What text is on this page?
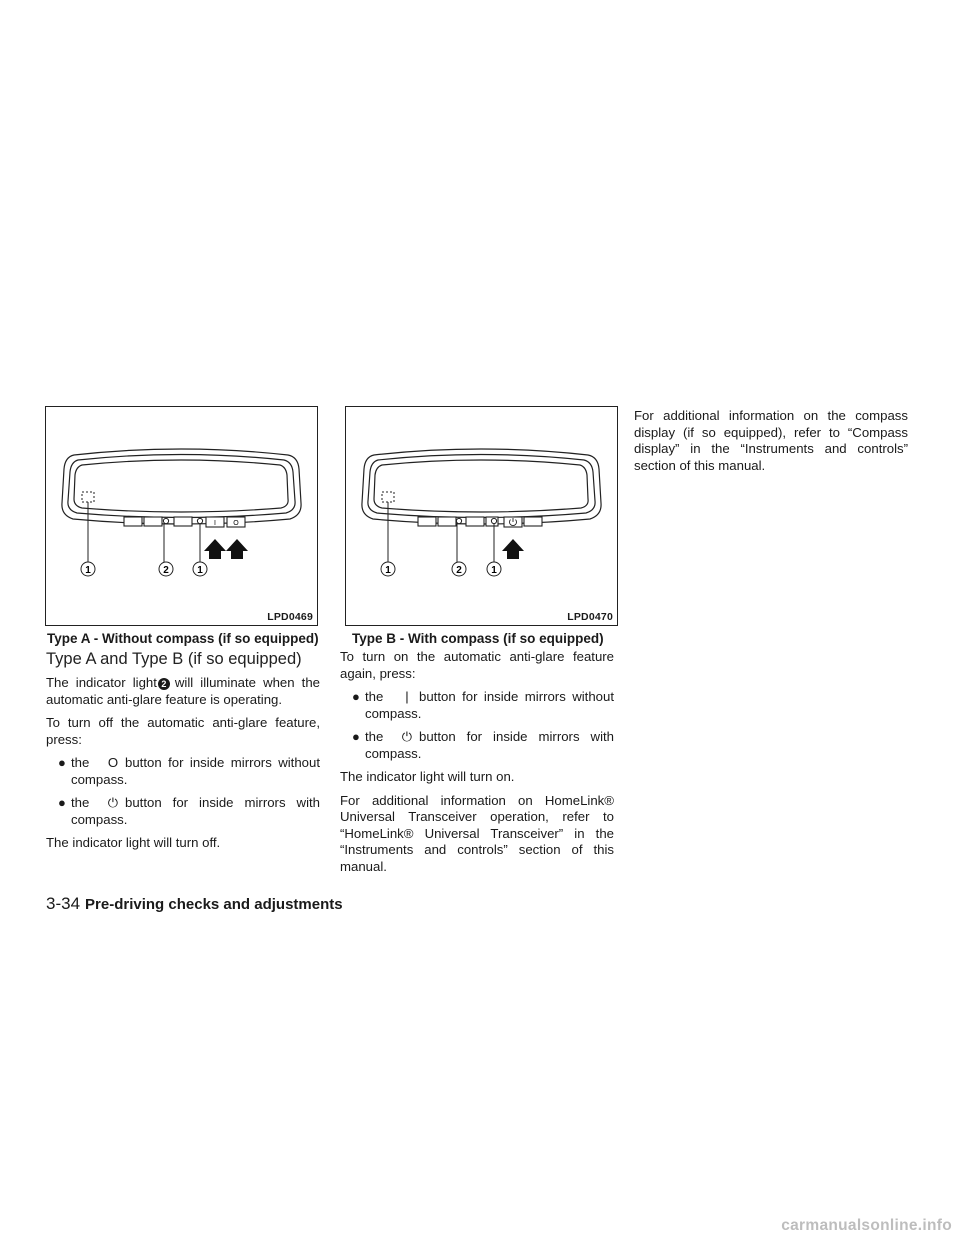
I O
1	2	1
LPD0469
1	2	1
LPD0470
Type A - Without compass (if so equipped) Type B - With compass (if so equipped)
Type A and Type B (if so equipped)

The indicator light 2 will illuminate when the automatic anti-glare feature is operating.

To turn off the automatic anti-glare feature, press:

● the	O button for inside mirrors without
compass.
● the	⏻ button for inside mirrors with
compass.

The indicator light will turn off.

To turn on the automatic anti-glare feature again, press:

● the	| button for inside mirrors without
compass.
● the	⏻ button for inside mirrors with
compass.

The indicator light will turn on.

For additional information on HomeLink® Universal Transceiver operation, refer to “HomeLink® Universal Transceiver” in the “Instruments and controls” section of this manual.

For additional information on the compass display (if so equipped), refer to “Compass display” in the “Instruments and controls” section of this manual.

3-34 Pre-driving checks and adjustments
carmanualsonline.info
